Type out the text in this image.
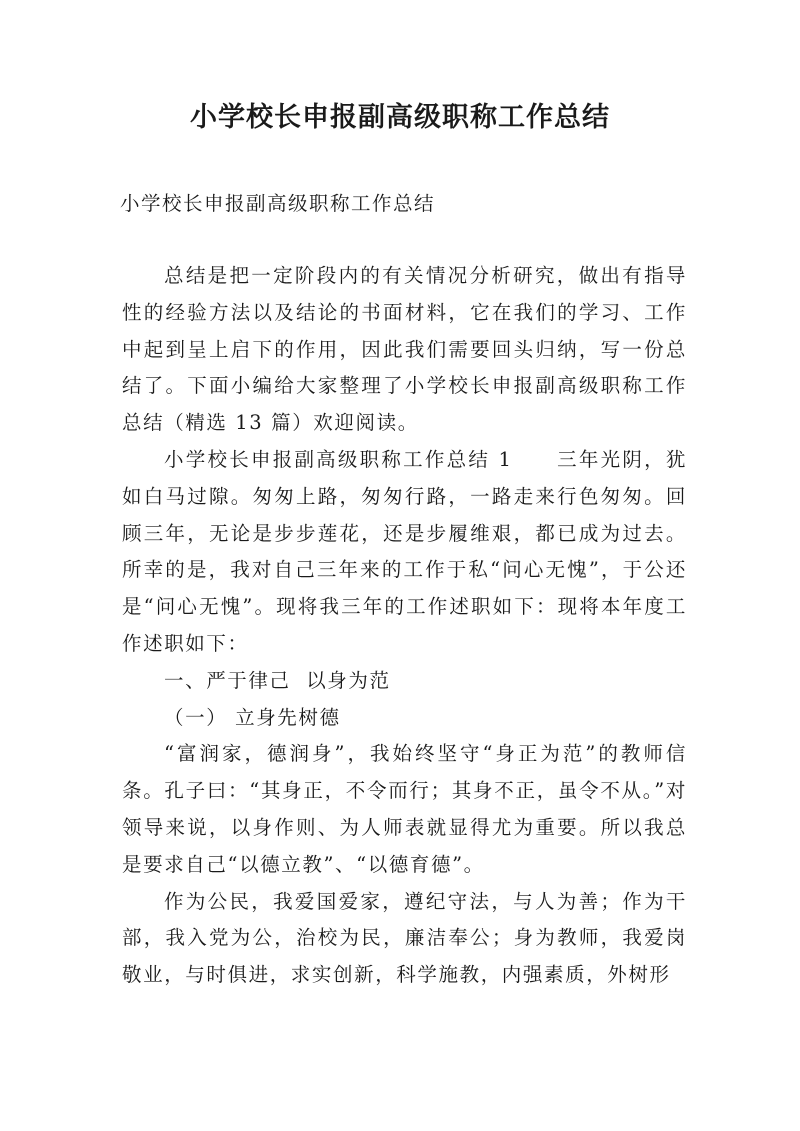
小学校长申报副高级职称工作总结
小学校长申报副高级职称工作总结

总结是把一定阶段内的有关情况分析研究，做出有指导性的经验方法以及结论的书面材料，它在我们的学习、工作中起到呈上启下的作用，因此我们需要回头归纳，写一份总结了。下面小编给大家整理了小学校长申报副高级职称工作总结（精选 13 篇）欢迎阅读。

小学校长申报副高级职称工作总结 1 三年光阴，犹如白马过隙。匆匆上路，匆匆行路，一路走来行色匆匆。回顾三年，无论是步步莲花，还是步履维艰，都已成为过去。所幸的是，我对自己三年来的工作于私“问心无愧”，于公还是“问心无愧”。现将我三年的工作述职如下：现将本年度工作述职如下：

一、严于律己  以身为范

（一） 立身先树德

“富润家，德润身”，我始终坚守“身正为范”的教师信条。孔子曰：“其身正，不令而行；其身不正，虽令不从。”对领导来说，以身作则、为人师表就显得尤为重要。所以我总是要求自己“以德立教”、“以德育德”。

作为公民，我爱国爱家，遵纪守法，与人为善；作为干部，我入党为公，治校为民，廉洁奉公；身为教师，我爱岗敬业，与时俱进，求实创新，科学施教，内强素质，外树形
